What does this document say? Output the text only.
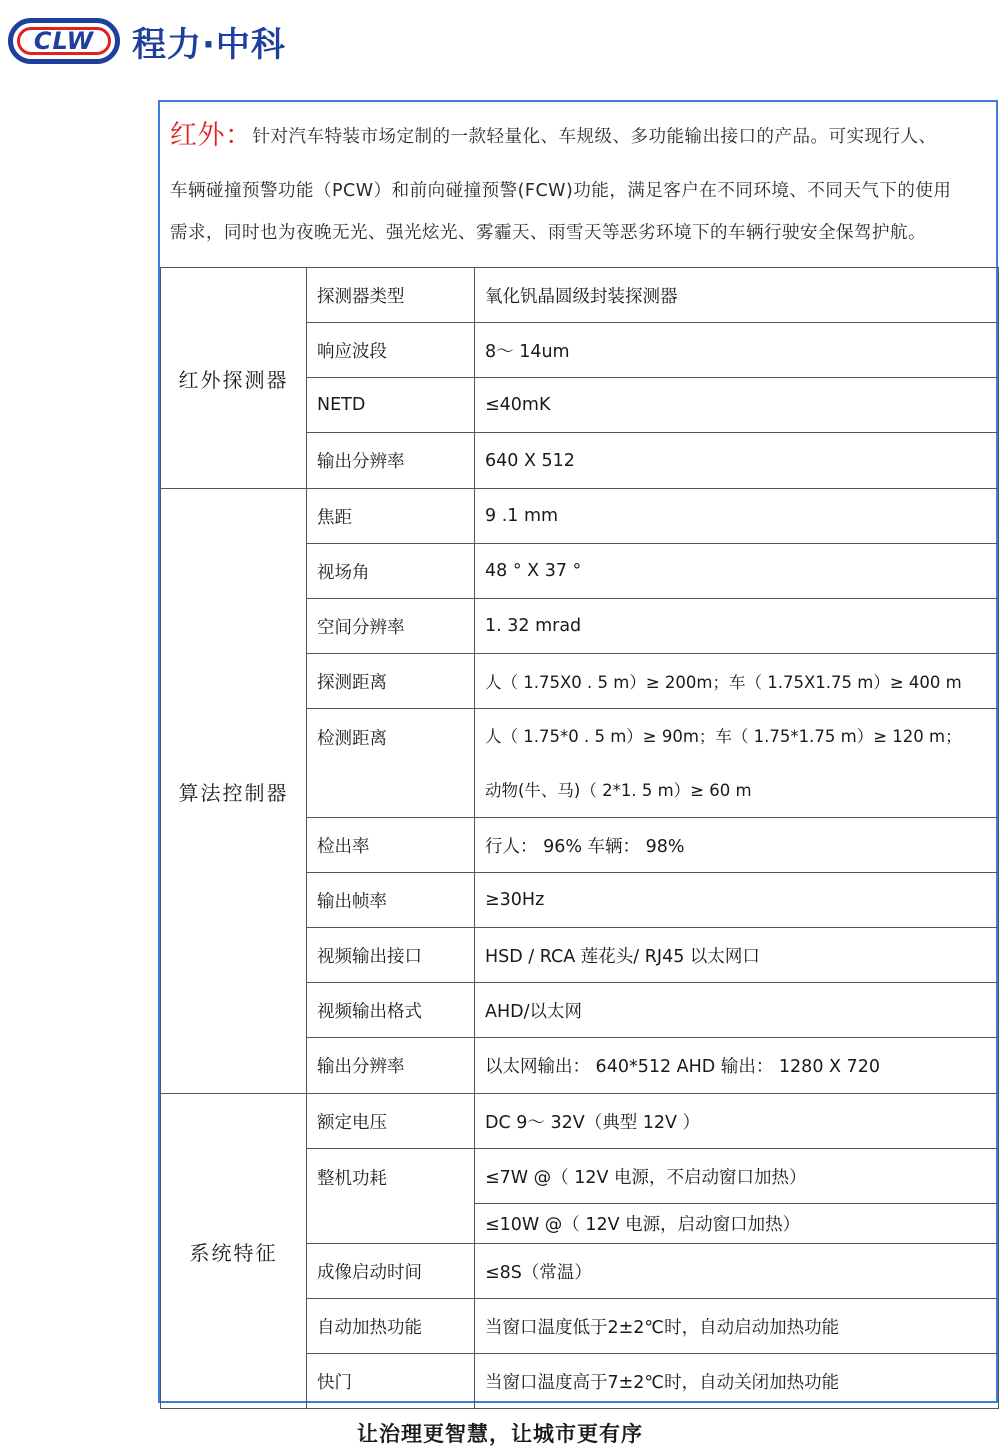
CLW 程力·中科
红外：针对汽车特装市场定制的一款轻量化、车规级、多功能输出接口的产品。可实现行人、
车辆碰撞预警功能（PCW）和前向碰撞预警(FCW)功能，满足客户在不同环境、不同天气下的使用
需求，同时也为夜晚无光、强光炫光、雾霾天、雨雪天等恶劣环境下的车辆行驶安全保驾护航。
红外探测器	探测器类型	氧化钒晶圆级封装探测器
	响应波段	8～ 14um
	NETD	≤40mK
	输出分辨率	640 X 512
算法控制器	焦距	9 .1 mm
	视场角	48 ° X 37 °
	空间分辨率	1. 32 mrad
	探测距离	人（ 1.75X0 . 5 m）≥ 200m；车（ 1.75X1.75 m）≥ 400 m
	检测距离	人（ 1.75*0 . 5 m）≥ 90m；车（ 1.75*1.75 m）≥ 120 m；
动物(牛、马)（ 2*1. 5 m）≥ 60 m

	检出率	行人： 96% 车辆： 98%
	输出帧率	≥30Hz
	视频输出接口	HSD / RCA 莲花头/ RJ45 以太网口
	视频输出格式	AHD/以太网
	输出分辨率	以太网输出： 640*512 AHD 输出： 1280 X 720
系统特征	额定电压	DC 9～ 32V（典型 12V ）
	整机功耗	≤7W @（ 12V 电源，不启动窗口加热）
		≤10W @（ 12V 电源，启动窗口加热）
	成像启动时间	≤8S（常温）
	自动加热功能	当窗口温度低于2±2℃时，自动启动加热功能
	快门	当窗口温度高于7±2℃时，自动关闭加热功能
让治理更智慧，让城市更有序
